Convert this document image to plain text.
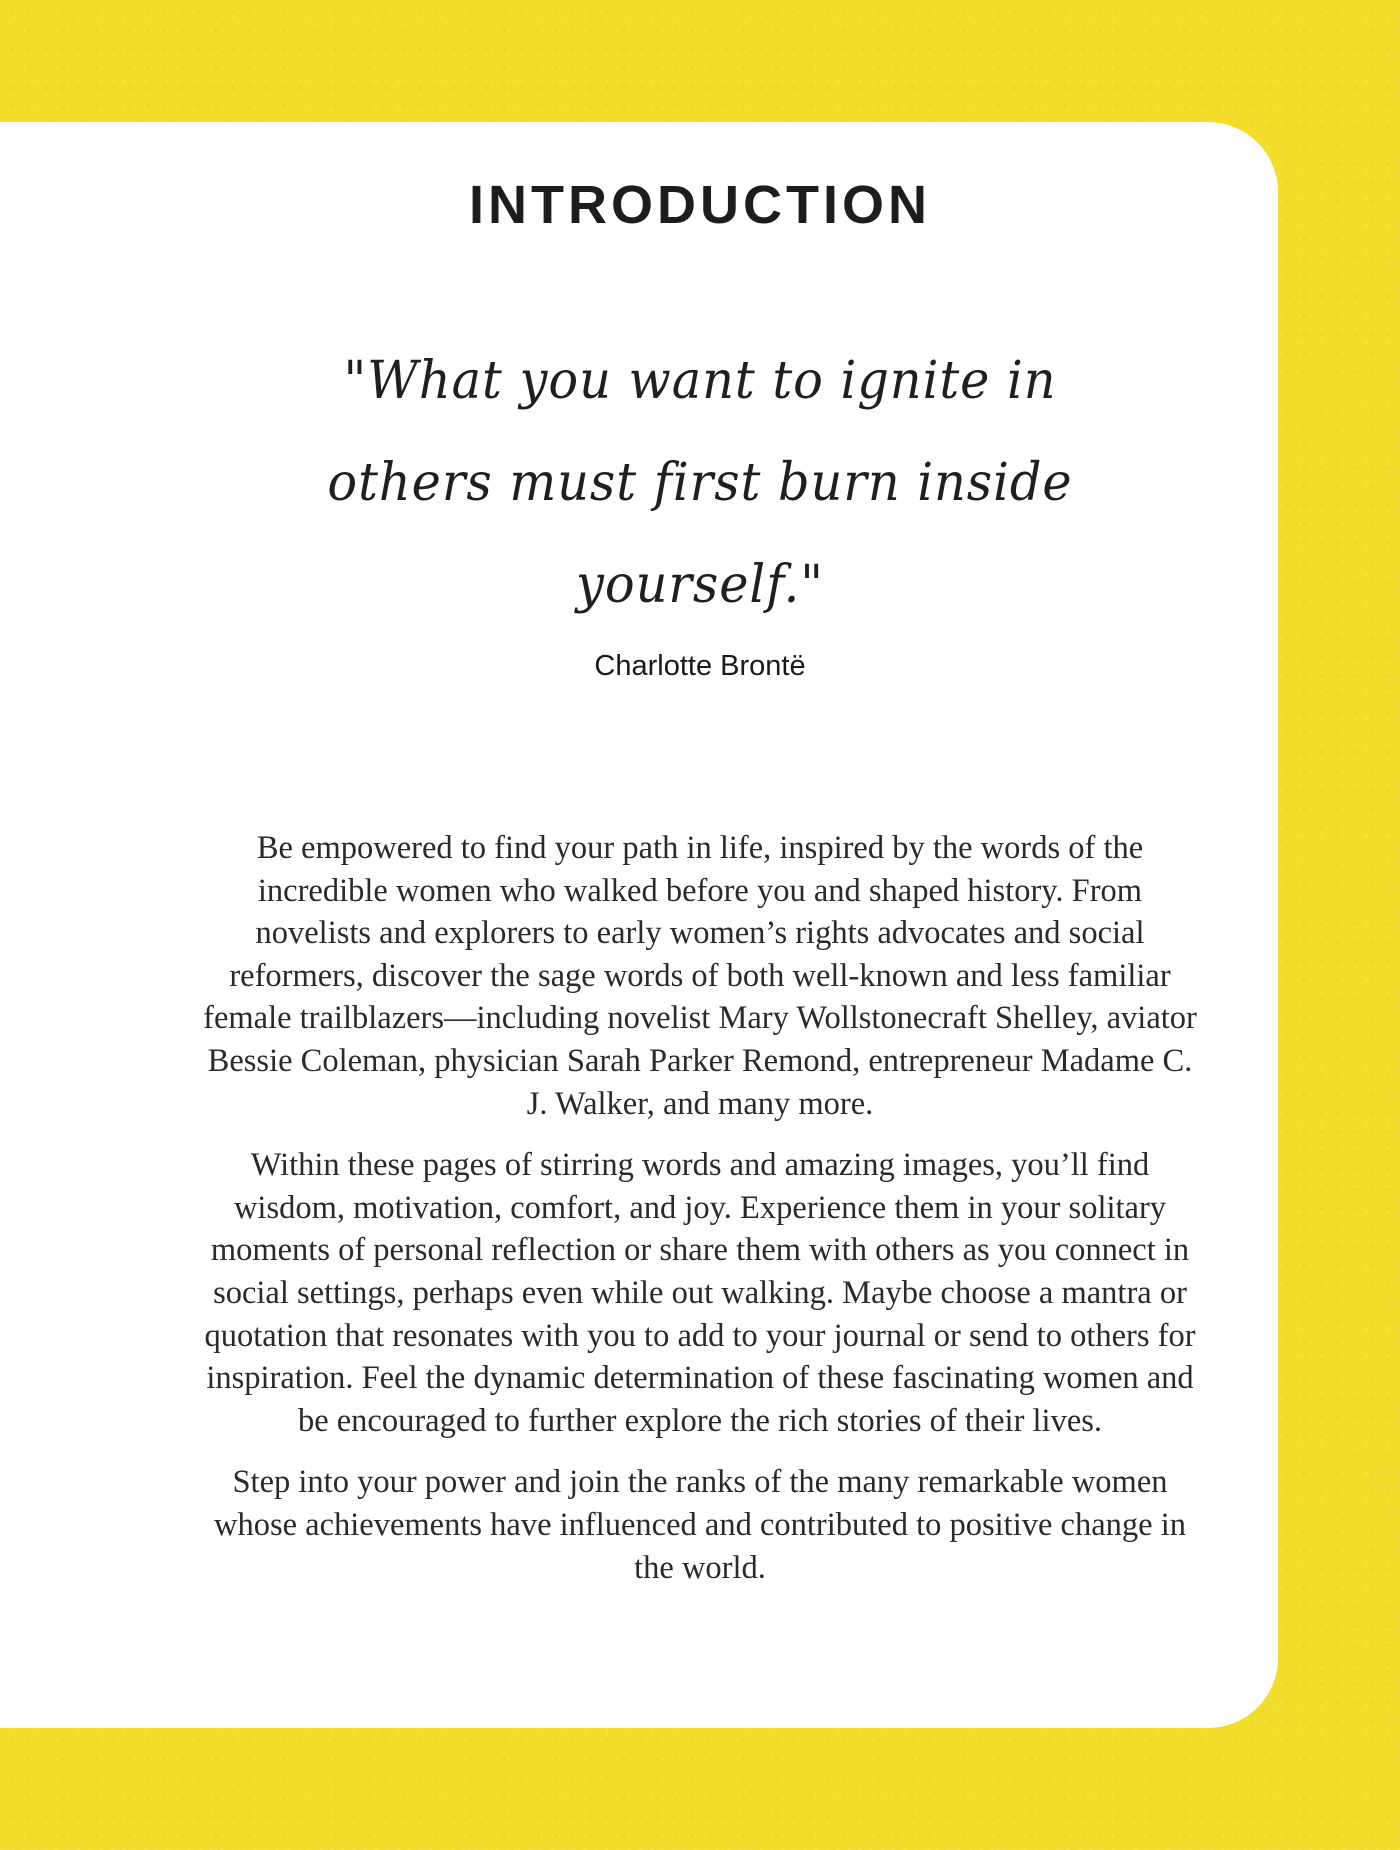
INTRODUCTION
"What you want to ignite in others must first burn inside yourself."
Charlotte Brontë

Be empowered to find your path in life, inspired by the words of the incredible women who walked before you and shaped history. From novelists and explorers to early women’s rights advocates and social reformers, discover the sage words of both well-known and less familiar female trailblazers—including novelist Mary Wollstonecraft Shelley, aviator Bessie Coleman, physician Sarah Parker Remond, entrepreneur Madame C. J. Walker, and many more.

Within these pages of stirring words and amazing images, you’ll find wisdom, motivation, comfort, and joy. Experience them in your solitary moments of personal reflection or share them with others as you connect in social settings, perhaps even while out walking. Maybe choose a mantra or quotation that resonates with you to add to your journal or send to others for inspiration. Feel the dynamic determination of these fascinating women and be encouraged to further explore the rich stories of their lives.

Step into your power and join the ranks of the many remarkable women whose achievements have influenced and contributed to positive change in the world.
